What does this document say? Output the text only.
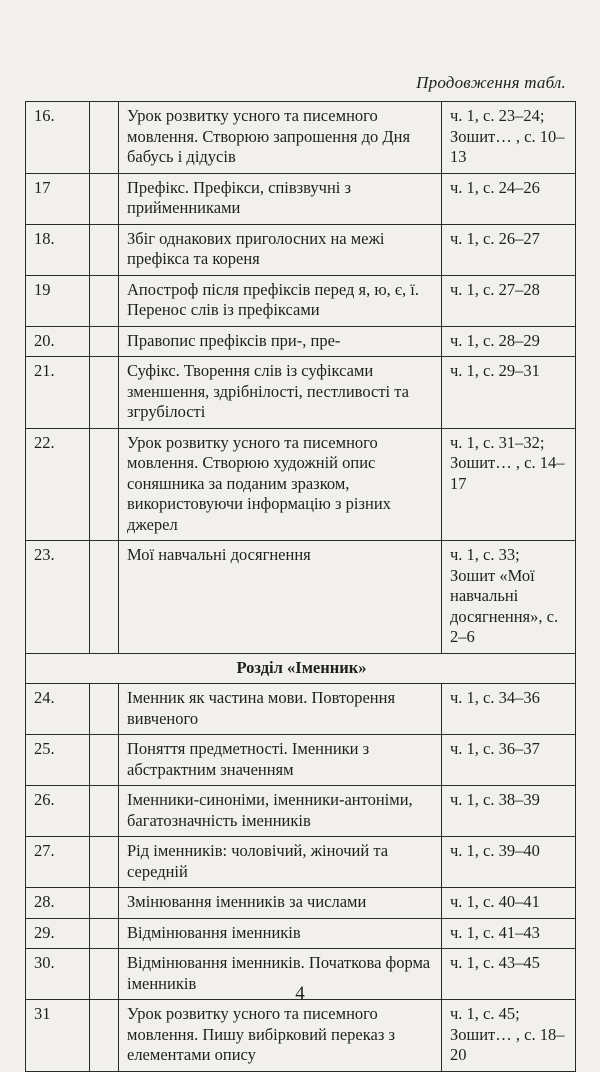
Продовження табл.
16.		Урок розвитку усного та писемного мовлення. Створюю запрошення до Дня бабусь і дідусів	ч. 1, с. 23–24; Зошит… , с. 10–13
17		Префікс. Префікси, співзвучні з прийменниками	ч. 1, с. 24–26
18.		Збіг однакових приголосних на межі префікса та кореня	ч. 1, с. 26–27
19		Апостроф після префіксів перед я, ю, є, ї. Перенос слів із префіксами	ч. 1, с. 27–28
20.		Правопис префіксів при-, пре-	ч. 1, с. 28–29
21.		Суфікс. Творення слів із суфіксами зменшення, здрібнілості, пестливості та згрубілості	ч. 1, с. 29–31
22.		Урок розвитку усного та писемного мовлення. Створюю художній опис соняшника за поданим зразком, використовуючи інформацію з різних джерел	ч. 1, с. 31–32; Зошит… , с. 14–17
23.		Мої навчальні досягнення	ч. 1, с. 33; Зошит «Мої навчальні досягнення», с. 2–6
Розділ «Іменник»			
24.		Іменник як частина мови. Повторення вивченого	ч. 1, с. 34–36
25.		Поняття предметності. Іменники з абстрактним значенням	ч. 1, с. 36–37
26.		Іменники-синоніми, іменники-антоніми, багатозначність іменників	ч. 1, с. 38–39
27.		Рід іменників: чоловічий, жіночий та середній	ч. 1, с. 39–40
28.		Змінювання іменників за числами	ч. 1, с. 40–41
29.		Відмінювання іменників	ч. 1, с. 41–43
30.		Відмінювання іменників. Початкова форма іменників	ч. 1, с. 43–45
31		Урок розвитку усного та писемного мовлення. Пишу вибірковий переказ з елементами опису	ч. 1, с. 45; Зошит… , с. 18–20
4
